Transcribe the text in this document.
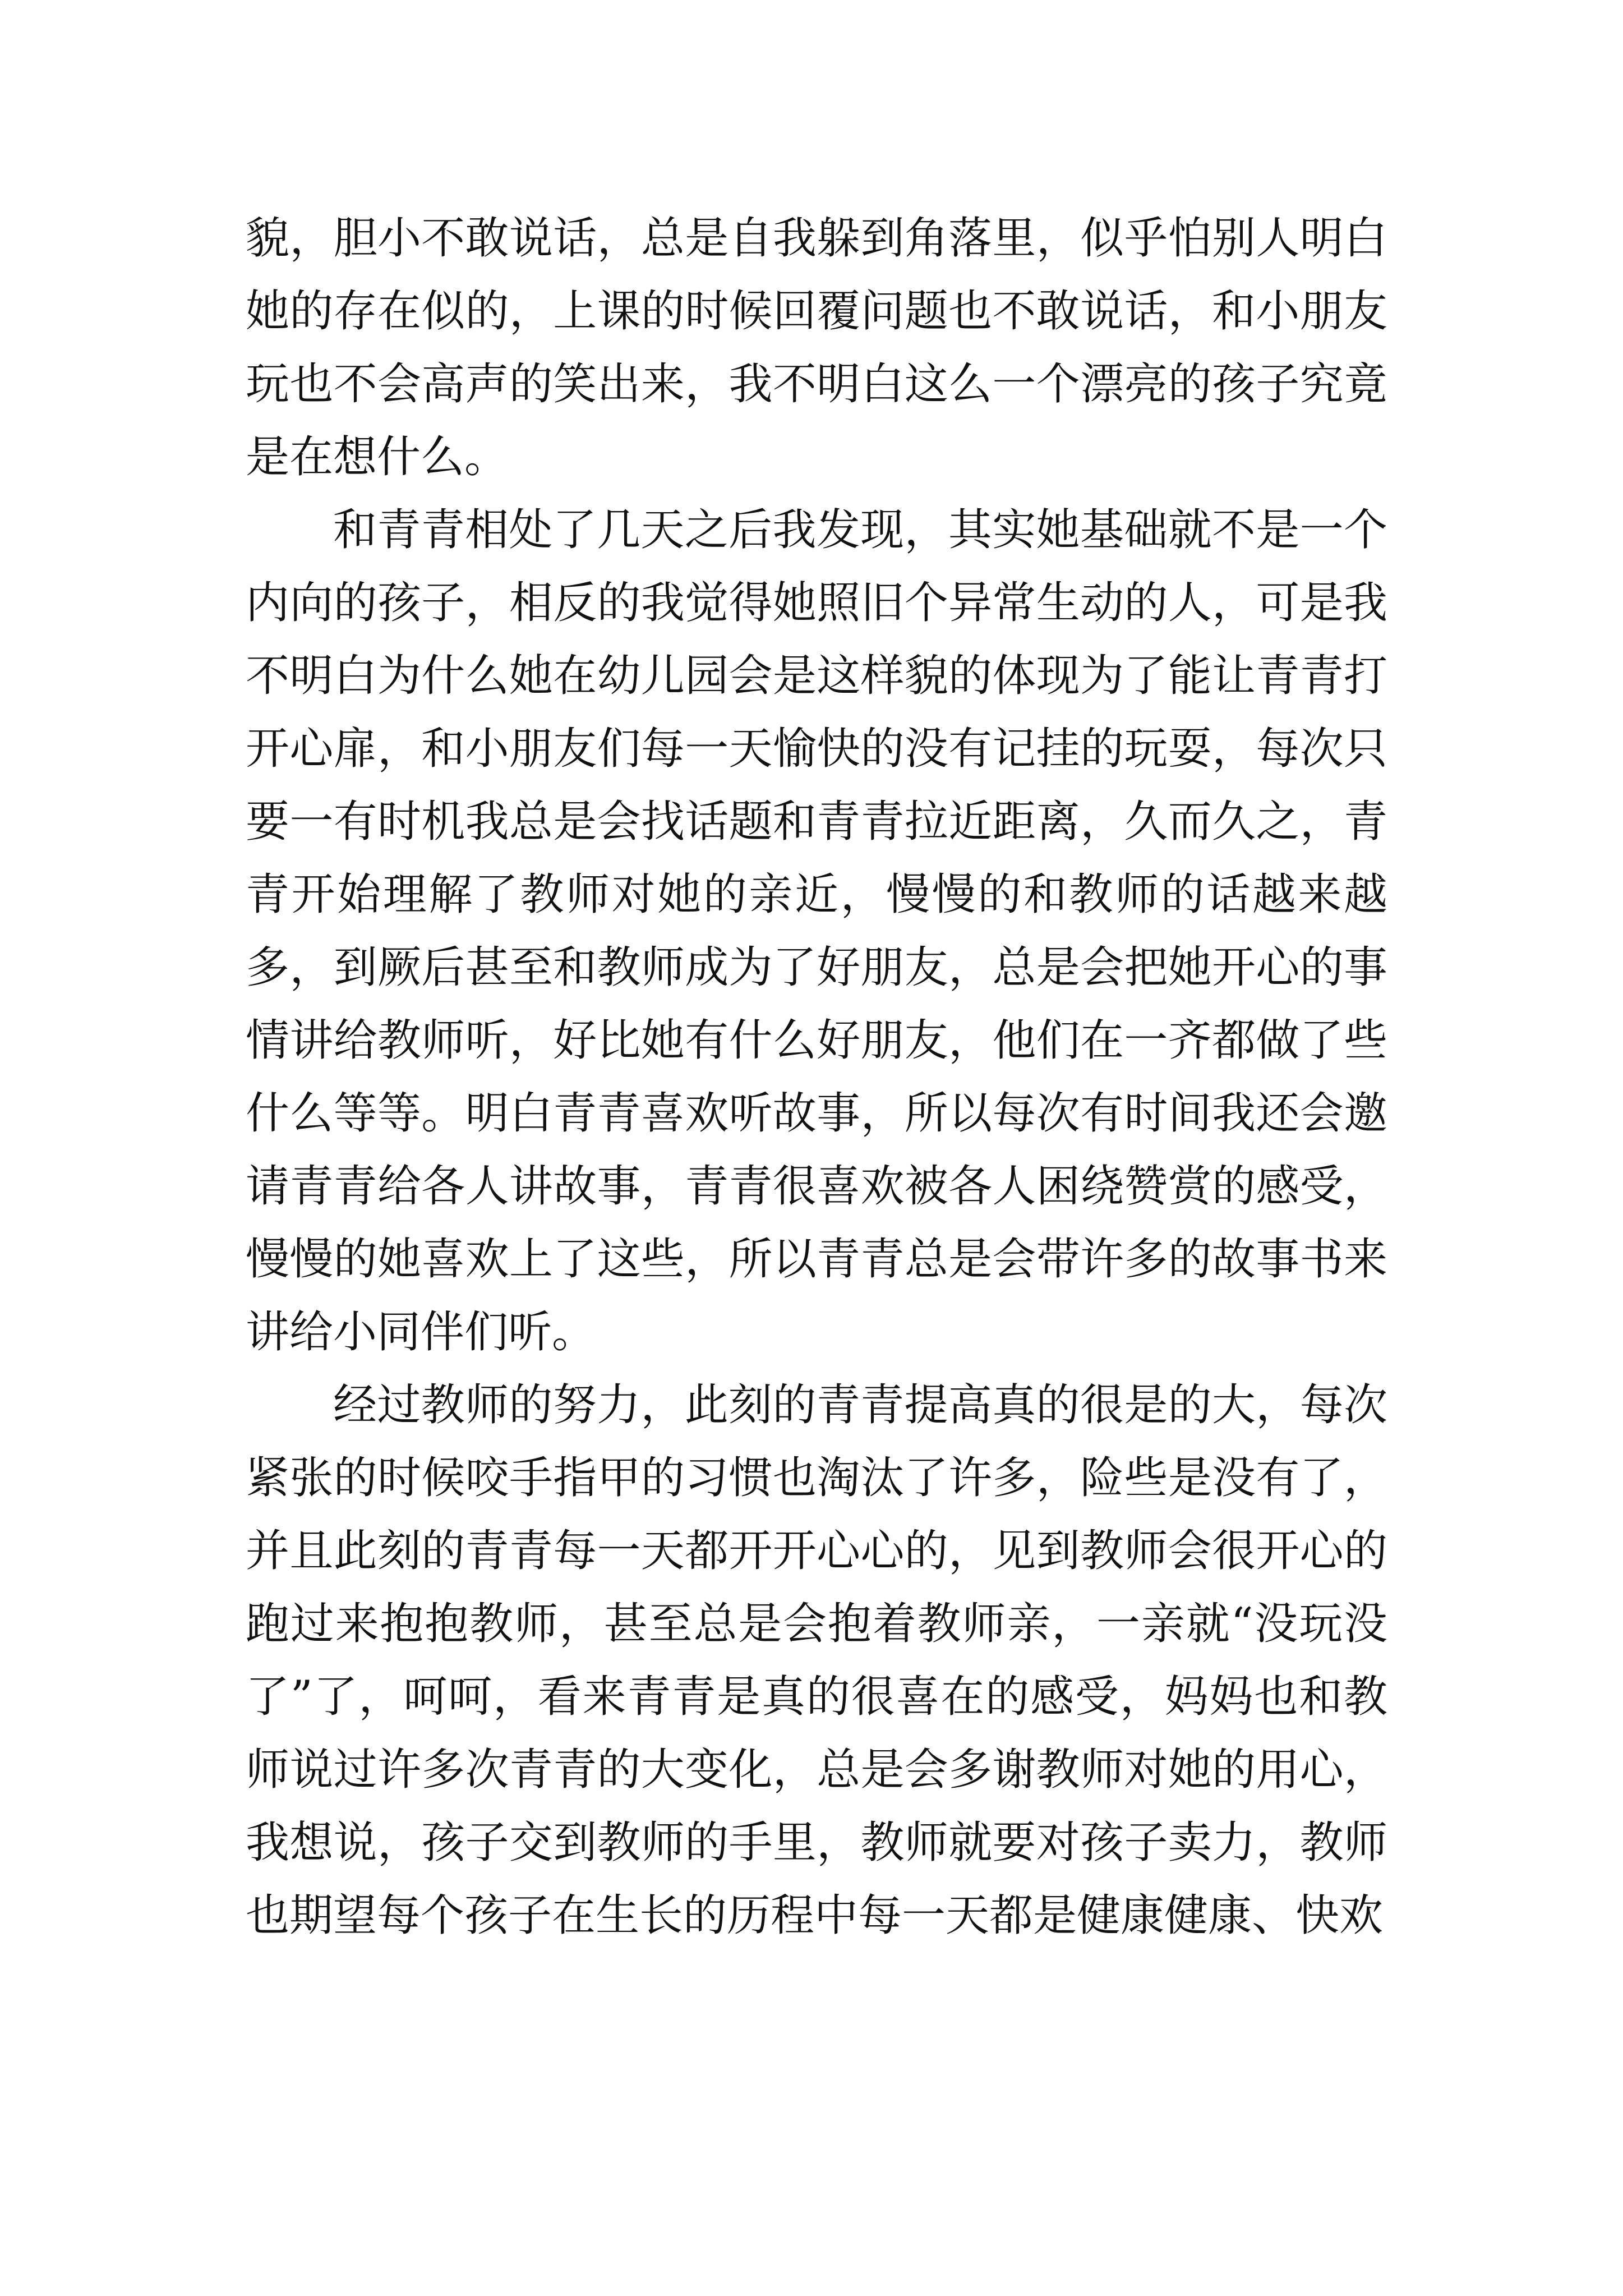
貌，胆小不敢说话，总是自我躲到角落里，似乎怕别人明白她的存在似的，上课的时候回覆问题也不敢说话，和小朋友玩也不会高声的笑出来，我不明白这么一个漂亮的孩子究竟是在想什么。

和青青相处了几天之后我发现，其实她基础就不是一个内向的孩子，相反的我觉得她照旧个异常生动的人，可是我不明白为什么她在幼儿园会是这样貌的体现为了能让青青打开心扉，和小朋友们每一天愉快的没有记挂的玩耍，每次只要一有时机我总是会找话题和青青拉近距离，久而久之，青青开始理解了教师对她的亲近，慢慢的和教师的话越来越多，到厥后甚至和教师成为了好朋友，总是会把她开心的事情讲给教师听，好比她有什么好朋友，他们在一齐都做了些什么等等。明白青青喜欢听故事，所以每次有时间我还会邀请青青给各人讲故事，青青很喜欢被各人困绕赞赏的感受，慢慢的她喜欢上了这些，所以青青总是会带许多的故事书来讲给小同伴们听。

经过教师的努力，此刻的青青提高真的很是的大，每次紧张的时候咬手指甲的习惯也淘汰了许多，险些是没有了，并且此刻的青青每一天都开开心心的，见到教师会很开心的跑过来抱抱教师，甚至总是会抱着教师亲，一亲就“没玩没了”了，呵呵，看来青青是真的很喜在的感受，妈妈也和教师说过许多次青青的大变化，总是会多谢教师对她的用心，我想说，孩子交到教师的手里，教师就要对孩子卖力，教师也期望每个孩子在生长的历程中每一天都是健康健康、快欢
